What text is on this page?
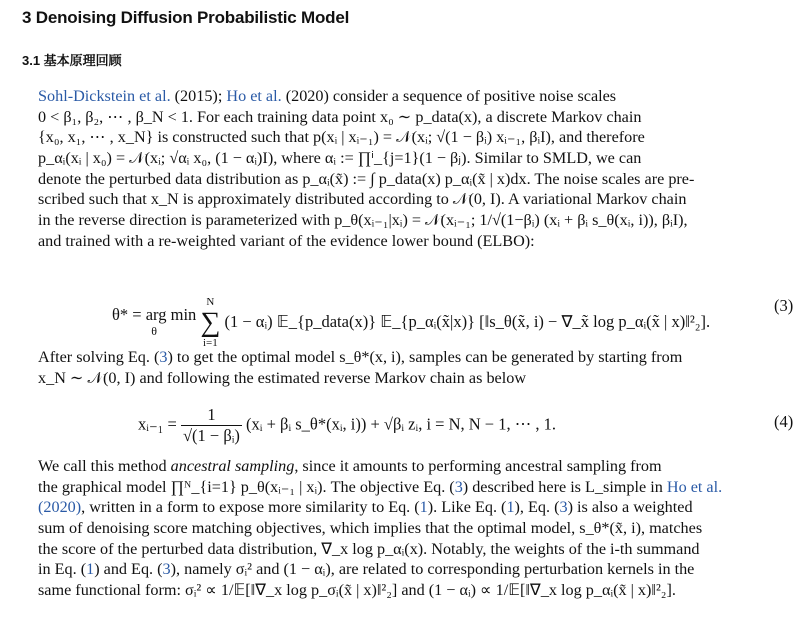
3 Denoising Diffusion Probabilistic Model
3.1 基本原理回顾
Sohl-Dickstein et al. (2015); Ho et al. (2020) consider a sequence of positive noise scales
0 < β₁, β₂, ⋯ , β_N < 1. For each training data point x₀ ∼ p_data(x), a discrete Markov chain
{x₀, x₁, ⋯ , x_N} is constructed such that p(xᵢ | xᵢ₋₁) = 𝒩(xᵢ; √(1 − βᵢ) xᵢ₋₁, βᵢI), and therefore
p_αᵢ(xᵢ | x₀) = 𝒩(xᵢ; √αᵢ x₀, (1 − αᵢ)I), where αᵢ := ∏ⁱ_{j=1}(1 − βⱼ). Similar to SMLD, we can
denote the perturbed data distribution as p_αᵢ(x̃) := ∫ p_data(x) p_αᵢ(x̃ | x)dx. The noise scales are pre-
scribed such that x_N is approximately distributed according to 𝒩(0, I). A variational Markov chain
in the reverse direction is parameterized with p_θ(xᵢ₋₁|xᵢ) = 𝒩(xᵢ₋₁; 1/√(1−βᵢ) (xᵢ + βᵢ s_θ(xᵢ, i)), βᵢI),
and trained with a re-weighted variant of the evidence lower bound (ELBO):
θ* = arg min
θ

N
∑
i=1
(1 − αᵢ) 𝔼_{p_data(x)} 𝔼_{p_αᵢ(x̃|x)} [‖s_θ(x̃, i) − ∇_x̃ log p_αᵢ(x̃ | x)‖²₂].
(3)
After solving Eq. (3) to get the optimal model s_θ*(x, i), samples can be generated by starting from
x_N ∼ 𝒩(0, I) and following the estimated reverse Markov chain as below
xᵢ₋₁ = $\frac{1}{\text{√(1 − βᵢ)}}$ (xᵢ + βᵢ s_θ*(xᵢ, i)) + √βᵢ zᵢ, i = N, N − 1, ⋯ , 1.	(4)
We call this method ancestral sampling, since it amounts to performing ancestral sampling from
the graphical model ∏ᴺ_{i=1} p_θ(xᵢ₋₁ | xᵢ). The objective Eq. (3) described here is L_simple in Ho et al.
(2020), written in a form to expose more similarity to Eq. (1). Like Eq. (1), Eq. (3) is also a weighted
sum of denoising score matching objectives, which implies that the optimal model, s_θ*(x̃, i), matches
the score of the perturbed data distribution, ∇_x log p_αᵢ(x). Notably, the weights of the i-th summand
in Eq. (1) and Eq. (3), namely σᵢ² and (1 − αᵢ), are related to corresponding perturbation kernels in the
same functional form: σᵢ² ∝ 1/𝔼[‖∇_x log p_σᵢ(x̃ | x)‖²₂] and (1 − αᵢ) ∝ 1/𝔼[‖∇_x log p_αᵢ(x̃ | x)‖²₂].
